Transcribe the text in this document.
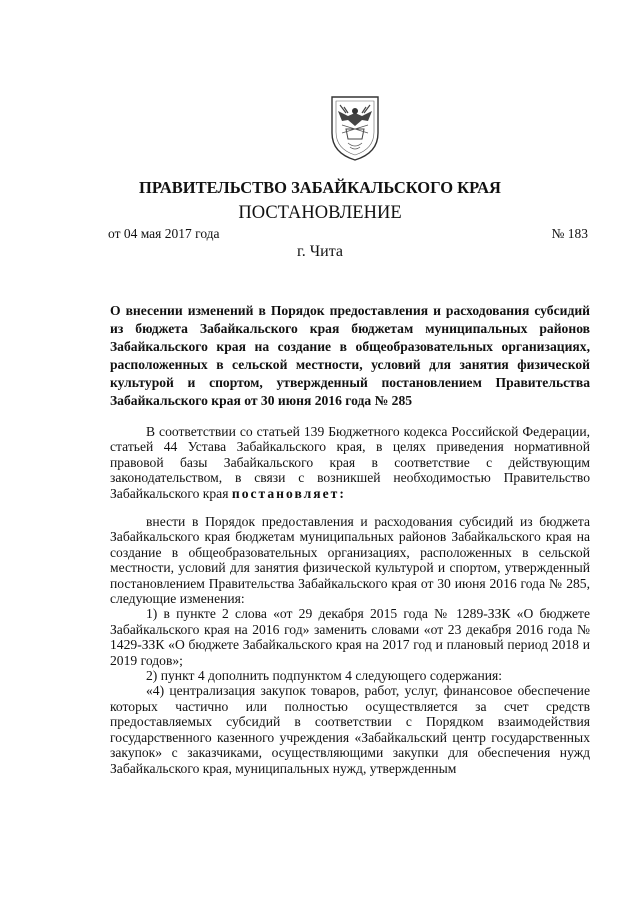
ПРАВИТЕЛЬСТВО ЗАБАЙКАЛЬСКОГО КРАЯ
ПОСТАНОВЛЕНИЕ
от 04 мая 2017 года	№ 183
г. Чита
О внесении изменений в Порядок предоставления и расходования субсидий из бюджета Забайкальского края бюджетам муниципальных районов Забайкальского края на создание в общеобразовательных организациях, расположенных в сельской местности, условий для занятия физической культурой и спортом, утвержденный постановлением Правительства Забайкальского края от 30 июня 2016 года № 285

В соответствии со статьей 139 Бюджетного кодекса Российской Федерации, статьей 44 Устава Забайкальского края, в целях приведения нормативной правовой базы Забайкальского края в соответствие с действующим законодательством, в связи с возникшей необходимостью Правительство Забайкальского края постановляет:

внести в Порядок предоставления и расходования субсидий из бюджета Забайкальского края бюджетам муниципальных районов Забайкальского края на создание в общеобразовательных организациях, расположенных в сельской местности, условий для занятия физической культурой и спортом, утвержденный постановлением Правительства Забайкальского края от 30 июня 2016 года № 285, следующие изменения:

1) в пункте 2 слова «от 29 декабря 2015 года № 1289-ЗЗК «О бюджете Забайкальского края на 2016 год» заменить словами «от 23 декабря 2016 года № 1429-ЗЗК «О бюджете Забайкальского края на 2017 год и плановый период 2018 и 2019 годов»;

2) пункт 4 дополнить подпунктом 4 следующего содержания:

«4) централизация закупок товаров, работ, услуг, финансовое обеспечение которых частично или полностью осуществляется за счет средств предоставляемых субсидий в соответствии с Порядком взаимодействия государственного казенного учреждения «Забайкальский центр государственных закупок» с заказчиками, осуществляющими закупки для обеспечения нужд Забайкальского края, муниципальных нужд, утвержденным
